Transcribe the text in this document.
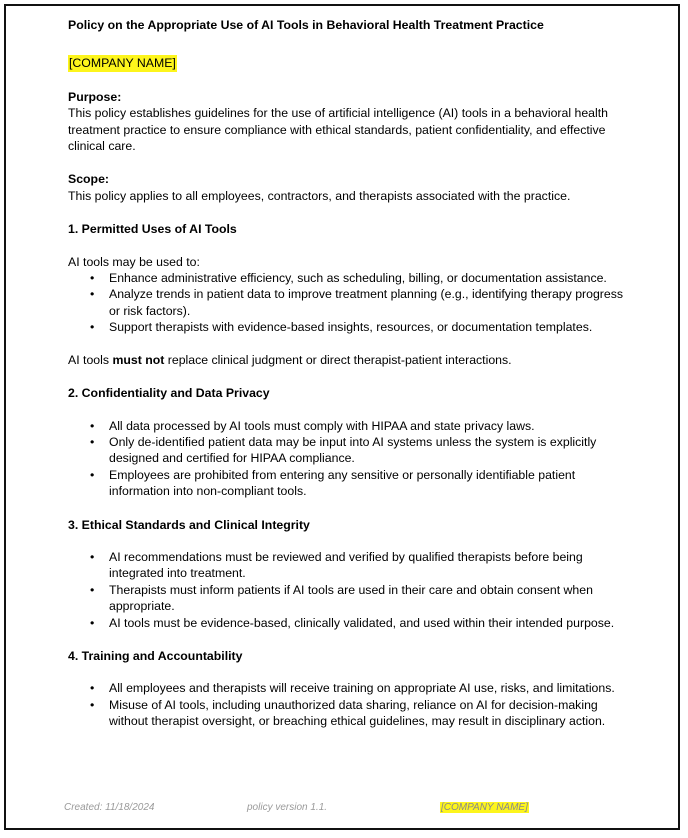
Policy on the Appropriate Use of AI Tools in Behavioral Health Treatment Practice

[COMPANY NAME]

Purpose:

This policy establishes guidelines for the use of artificial intelligence (AI) tools in a behavioral health treatment practice to ensure compliance with ethical standards, patient confidentiality, and effective clinical care.

Scope:

This policy applies to all employees, contractors, and therapists associated with the practice.

1. Permitted Uses of AI Tools

AI tools may be used to:

• Enhance administrative efficiency, such as scheduling, billing, or documentation assistance.
• Analyze trends in patient data to improve treatment planning (e.g., identifying therapy progress or risk factors).
• Support therapists with evidence-based insights, resources, or documentation templates.

AI tools must not replace clinical judgment or direct therapist-patient interactions.

2. Confidentiality and Data Privacy

• All data processed by AI tools must comply with HIPAA and state privacy laws.
• Only de-identified patient data may be input into AI systems unless the system is explicitly designed and certified for HIPAA compliance.
• Employees are prohibited from entering any sensitive or personally identifiable patient information into non-compliant tools.

3. Ethical Standards and Clinical Integrity

• AI recommendations must be reviewed and verified by qualified therapists before being integrated into treatment.
• Therapists must inform patients if AI tools are used in their care and obtain consent when appropriate.
• AI tools must be evidence-based, clinically validated, and used within their intended purpose.

4. Training and Accountability

• All employees and therapists will receive training on appropriate AI use, risks, and limitations.
• Misuse of AI tools, including unauthorized data sharing, reliance on AI for decision-making without therapist oversight, or breaching ethical guidelines, may result in disciplinary action.
Created: 11/18/2024	policy version 1.1.	[COMPANY NAME]
